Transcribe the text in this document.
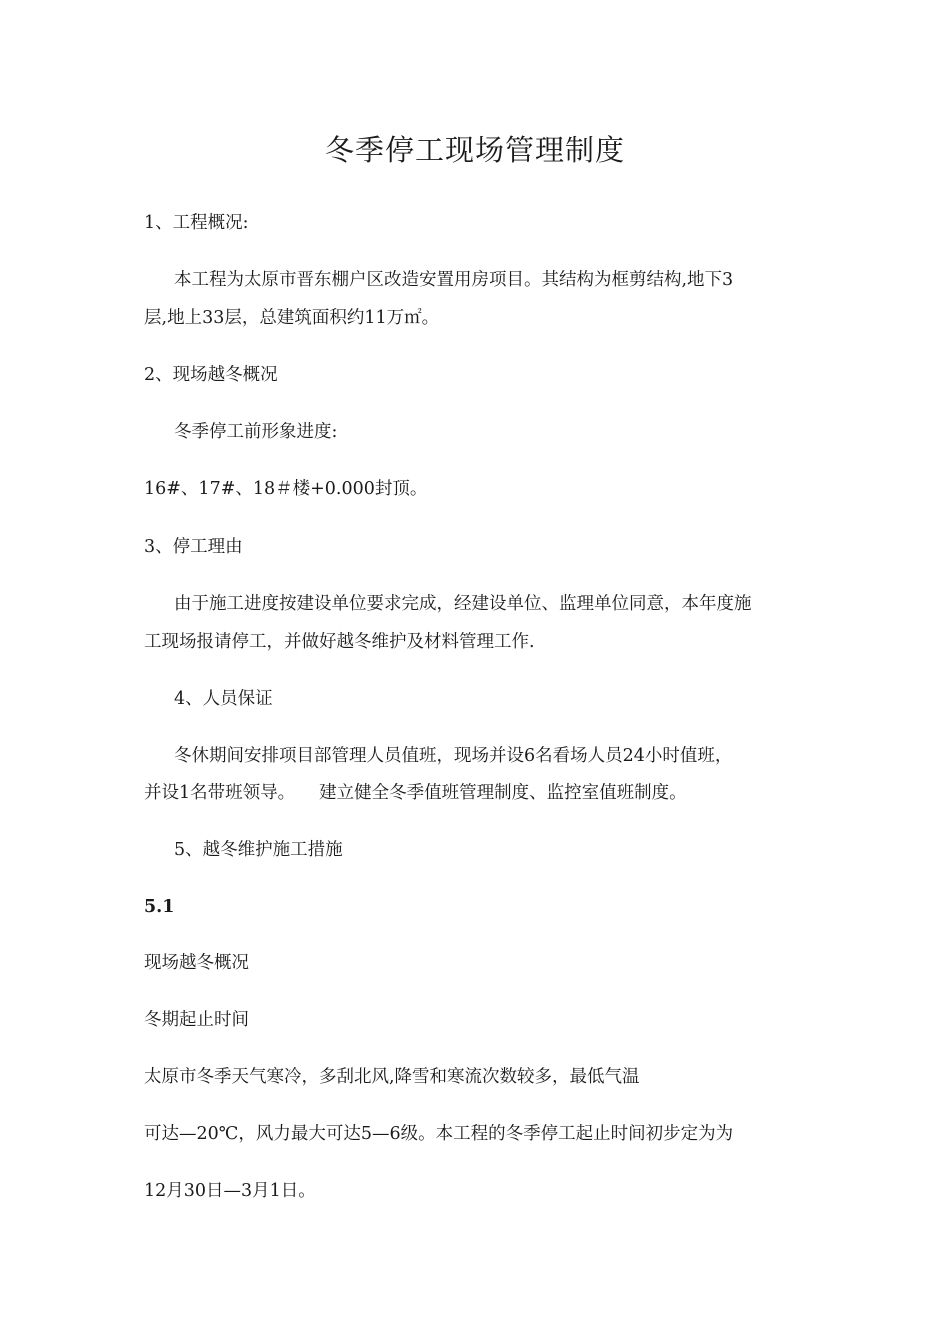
冬季停工现场管理制度
1、工程概况:
本工程为太原市晋东棚户区改造安置用房项目。其结构为框剪结构,地下3
层,地上33层，总建筑面积约11万㎡。
2、现场越冬概况
冬季停工前形象进度:
16#、17#、18＃楼+0.000封顶。
3、停工理由
由于施工进度按建设单位要求完成，经建设单位、监理单位同意，本年度施
工现场报请停工，并做好越冬维护及材料管理工作.
4、人员保证
冬休期间安排项目部管理人员值班，现场并设6名看场人员24小时值班，
并设1名带班领导。 建立健全冬季值班管理制度、监控室值班制度。
5、越冬维护施工措施
5.1
现场越冬概况
冬期起止时间
太原市冬季天气寒冷，多刮北风,降雪和寒流次数较多，最低气温
可达—20℃，风力最大可达5—6级。本工程的冬季停工起止时间初步定为为
12月30日—3月1日。
